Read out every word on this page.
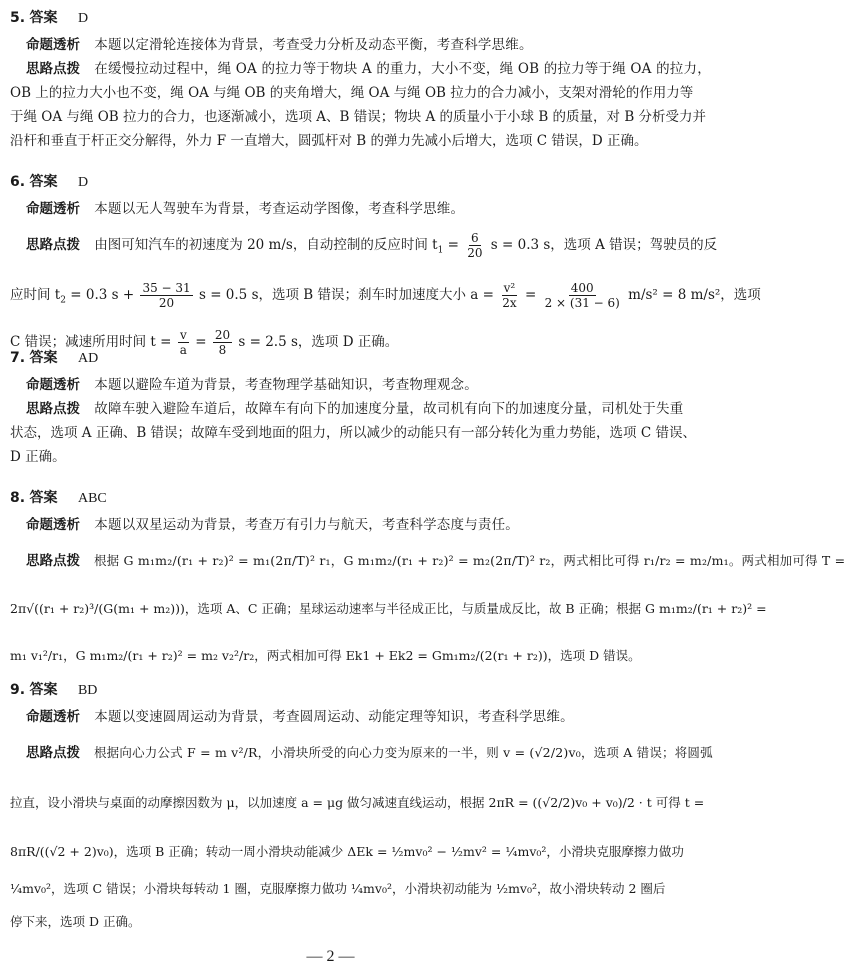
5. 答案 D
命题透析 本题以定滑轮连接体为背景，考查受力分析及动态平衡，考查科学思维。
思路点拨 在缓慢拉动过程中，绳 OA 的拉力等于物块 A 的重力，大小不变，绳 OB 的拉力等于绳 OA 的拉力，
OB 上的拉力大小也不变，绳 OA 与绳 OB 的夹角增大，绳 OA 与绳 OB 拉力的合力减小，支架对滑轮的作用力等
于绳 OA 与绳 OB 拉力的合力，也逐渐减小，选项 A、B 错误；物块 A 的质量小于小球 B 的质量，对 B 分析受力并
沿杆和垂直于杆正交分解得，外力 F 一直增大，圆弧杆对 B 的弹力先减小后增大，选项 C 错误，D 正确。
6. 答案 D
命题透析 本题以无人驾驶车为背景，考查运动学图像，考查科学思维。
思路点拨 由图可知汽车的初速度为 20 m/s，自动控制的反应时间 $t_1 = \frac{6}{20}$ s = 0.3 s，选项 A 错误；驾驶员的反
应时间 $t_2 = 0.3$ $s + \frac{35 - 31}{20}$ s = 0.5 s，选项 B 错误；刹车时加速度大小 $a = \frac{\text{v²}}{2x} = \frac{400}{2 \times (31 - 6)} m/s^2 = 8$ m/s²，选项
C 错误；减速所用时间 $t = \frac{v}{a} = \frac{20}{8}$ s = 2.5 s，选项 D 正确。
7. 答案 AD
命题透析 本题以避险车道为背景，考查物理学基础知识，考查物理观念。
思路点拨 故障车驶入避险车道后，故障车有向下的加速度分量，故司机有向下的加速度分量，司机处于失重
状态，选项 A 正确、B 错误；故障车受到地面的阻力，所以减少的动能只有一部分转化为重力势能，选项 C 错误、
D 正确。
8. 答案 ABC
命题透析 本题以双星运动为背景，考查万有引力与航天，考查科学态度与责任。
思路点拨 根据 G m₁m₂/(r₁ + r₂)² = m₁(2π/T)² r₁，G m₁m₂/(r₁ + r₂)² = m₂(2π/T)² r₂，两式相比可得 r₁/r₂ = m₂/m₁。两式相加可得 T =
2π√((r₁ + r₂)³/(G(m₁ + m₂)))，选项 A、C 正确；星球运动速率与半径成正比，与质量成反比，故 B 正确；根据 G m₁m₂/(r₁ + r₂)² =
m₁ v₁²/r₁，G m₁m₂/(r₁ + r₂)² = m₂ v₂²/r₂，两式相加可得 Ek1 + Ek2 = Gm₁m₂/(2(r₁ + r₂))，选项 D 错误。
9. 答案 BD
命题透析 本题以变速圆周运动为背景，考查圆周运动、动能定理等知识，考查科学思维。
思路点拨 根据向心力公式 F = m v²/R，小滑块所受的向心力变为原来的一半，则 v = (√2/2)v₀，选项 A 错误；将圆弧
拉直，设小滑块与桌面的动摩擦因数为 μ，以加速度 a = μg 做匀减速直线运动，根据 2πR = ((√2/2)v₀ + v₀)/2 · t 可得 t =
8πR/((√2 + 2)v₀)，选项 B 正确；转动一周小滑块动能减少 ΔEk = ½mv₀² − ½mv² = ¼mv₀²，小滑块克服摩擦力做功
¼mv₀²，选项 C 错误；小滑块每转动 1 圈，克服摩擦力做功 ¼mv₀²，小滑块初动能为 ½mv₀²，故小滑块转动 2 圈后
停下来，选项 D 正确。
— 2 —
